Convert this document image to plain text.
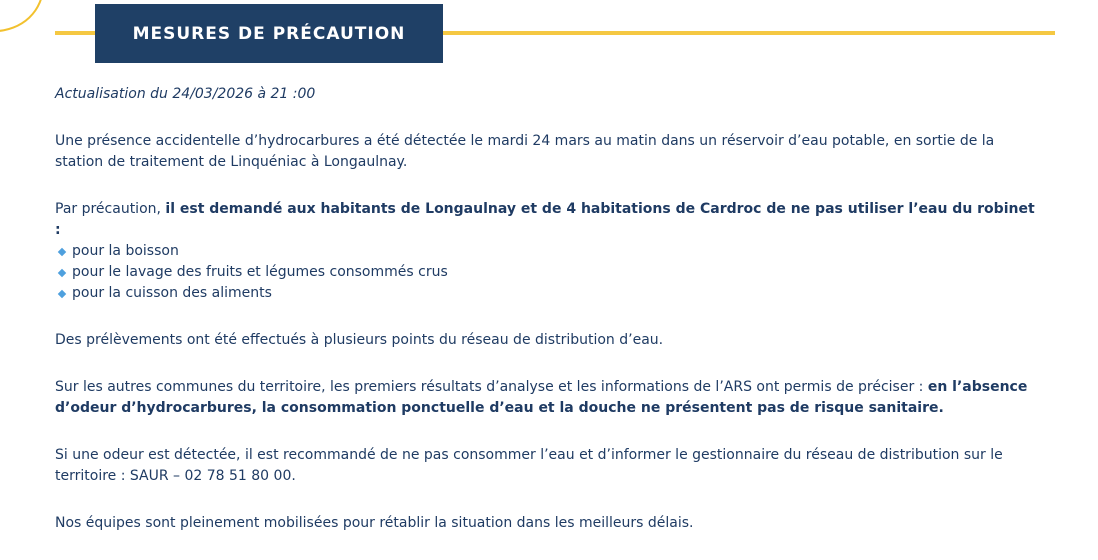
MESURES DE PRÉCAUTION
Actualisation du 24/03/2026 à 21 :00

Une présence accidentelle d’hydrocarbures a été détectée le mardi 24 mars au matin dans un réservoir d’eau potable, en sortie de la station de traitement de Linquéniac à Longaulnay.

Par précaution, il est demandé aux habitants de Longaulnay et de 4 habitations de Cardroc de ne pas utiliser l’eau du robinet :

pour la boisson
pour le lavage des fruits et légumes consommés crus
pour la cuisson des aliments

Des prélèvements ont été effectués à plusieurs points du réseau de distribution d’eau.

Sur les autres communes du territoire, les premiers résultats d’analyse et les informations de l’ARS ont permis de préciser : en l’absence d’odeur d’hydrocarbures, la consommation ponctuelle d’eau et la douche ne présentent pas de risque sanitaire.

Si une odeur est détectée, il est recommandé de ne pas consommer l’eau et d’informer le gestionnaire du réseau de distribution sur le territoire : SAUR – 02 78 51 80 00.

Nos équipes sont pleinement mobilisées pour rétablir la situation dans les meilleurs délais.
